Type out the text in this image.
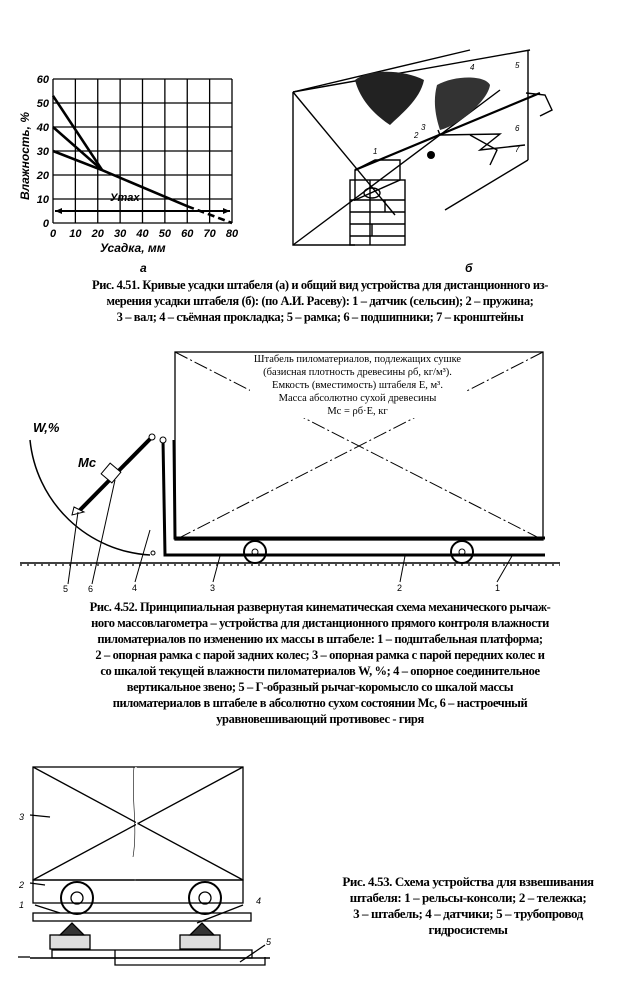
0 10 20 30 40 50 60 70 80
0
10
20
30
40
50
60
Влажность, %
Усадка, мм
Уmax
а
1
2
3
4	5
6
7
б
Рис. 4.51. Кривые усадки штабеля (а) и общий вид устройства для дистанционного из-
мерения усадки штабеля (б): (по А.И. Расеву): 1 – датчик (сельсин); 2 – пружина;
3 – вал; 4 – съёмная прокладка; 5 – рамка; 6 – подшипники; 7 – кронштейны
5 6	4	3	2	1
W,%
Mc
Штабель пиломатериалов, подлежащих сушке
(базисная плотность древесины ρб, кг/м³).
Емкость (вместимость) штабеля Е, м³.
Масса абсолютно сухой древесины
Mc = ρб·E, кг
Рис. 4.52. Принципиальная развернутая кинематическая схема механического рычаж-
ного массовлагометра – устройства для дистанционного прямого контроля влажности
пиломатериалов по изменению их массы в штабеле: 1 – подштабельная платформа;
2 – опорная рамка с парой задних колес; 3 – опорная рамка с парой передних колес и
со шкалой текущей влажности пиломатериалов W, %; 4 – опорное соединительное
вертикальное звено; 5 – Г-образный рычаг-коромысло со шкалой массы
пиломатериалов в штабеле в абсолютно сухом состоянии Mc, 6 – настроечный
уравновешивающий противовес - гиря
3
2
1	4
5
Рис. 4.53. Схема устройства для взвешивания
штабеля: 1 – рельсы-консоли; 2 – тележка;
3 – штабель; 4 – датчики; 5 – трубопровод
гидросистемы
